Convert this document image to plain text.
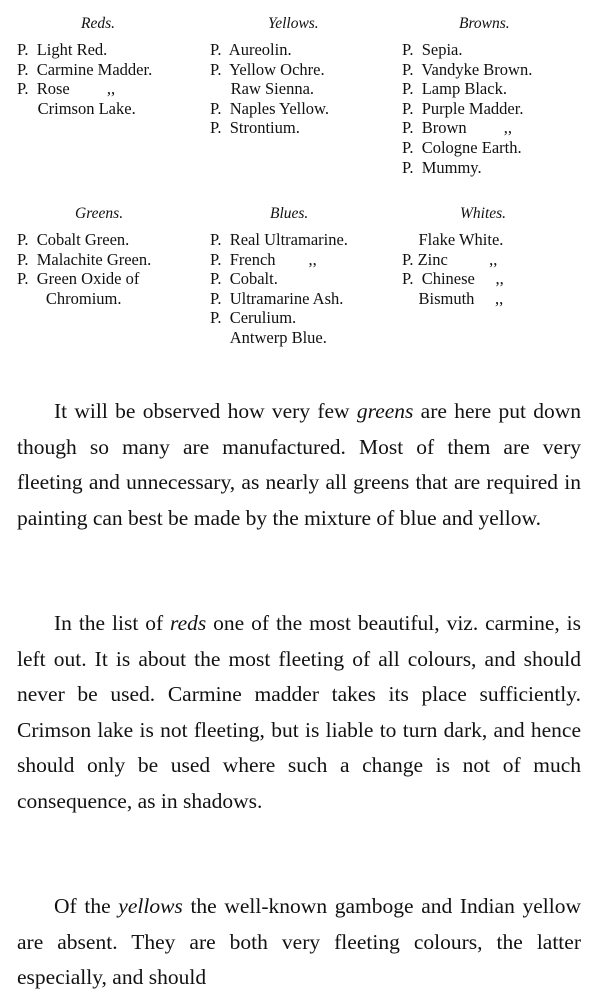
Reds.
P.  Light Red.
P.  Carmine Madder.
P.  Rose         ,,
Crimson Lake.
Yellows.
P.  Aureolin.
P.  Yellow Ochre.
Raw Sienna.
P.  Naples Yellow.
P.  Strontium.
Browns.
P.  Sepia.
P.  Vandyke Brown.
P.  Lamp Black.
P.  Purple Madder.
P.  Brown         ,,
P.  Cologne Earth.
P.  Mummy.
Greens.
P.  Cobalt Green.
P.  Malachite Green.
P.  Green Oxide of
Chromium.
Blues.
P.  Real Ultramarine.
P.  French        ,,
P.  Cobalt.
P.  Ultramarine Ash.
P.  Cerulium.
Antwerp Blue.
Whites.
Flake White.
P. Zinc          ,,
P.  Chinese     ,,
Bismuth     ,,

It will be observed how very few greens are here put down though so many are manufactured. Most of them are very fleeting and unnecessary, as nearly all greens that are required in painting can best be made by the mixture of blue and yellow.

In the list of reds one of the most beautiful, viz. carmine, is left out. It is about the most fleeting of all colours, and should never be used. Carmine madder takes its place sufficiently. Crimson lake is not fleeting, but is liable to turn dark, and hence should only be used where such a change is not of much consequence, as in shadows.

Of the yellows the well-known gamboge and Indian yellow are absent. They are both very fleeting colours, the latter especially, and should
